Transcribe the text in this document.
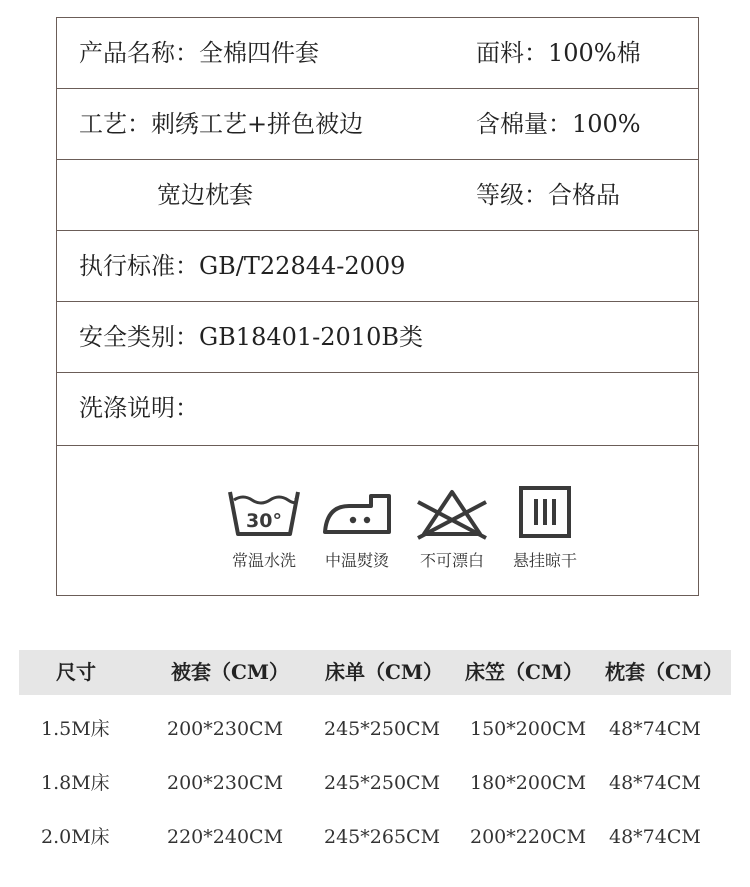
产品名称：全棉四件套	面料：100%棉
工艺：刺绣工艺+拼色被边	含棉量：100%
宽边枕套	等级：合格品
执行标准：GB/T22844-2009
安全类别：GB18401-2010B类
洗涤说明：
30°
常温水洗	中温熨烫	不可漂白	悬挂晾干
尺寸	被套（CM） 床单（CM） 床笠（CM） 枕套（CM）
1.5M床	200*230CM 245*250CM 150*200CM 48*74CM
1.8M床	200*230CM 245*250CM 180*200CM 48*74CM
2.0M床	220*240CM 245*265CM 200*220CM 48*74CM
